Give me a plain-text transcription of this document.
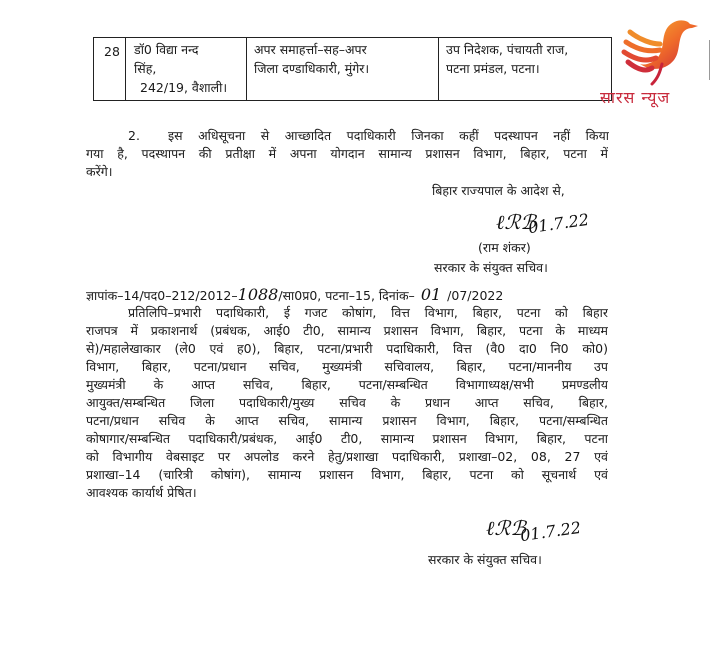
28 डॉ0 विद्या नन्द
सिंह,
242/19, वैशाली।
अपर समाहर्त्ता–सह–अपर
जिला दण्डाधिकारी, मुंगेर।
उप निदेशक, पंचायती राज,
पटना प्रमंडल, पटना।
सारस न्यूज
2. इस अधिसूचना से आच्छादित पदाधिकारी जिनका कहीं पदस्थापन नहीं किया
गया है, पदस्थापन की प्रतीक्षा में अपना योगदान सामान्य प्रशासन विभाग, बिहार, पटना में
करेंगे।
बिहार राज्यपाल के आदेश से,
ℓℛℬ
01.7.22
(राम शंकर)
सरकार के संयुक्त सचिव।
ज्ञापांक–14/पद0–212/2012–1088/सा0प्र0, पटना–15, दिनांक– 01 /07/2022
प्रतिलिपि–प्रभारी पदाधिकारी, ई गजट कोषांग, वित्त विभाग, बिहार, पटना को बिहार
राजपत्र में प्रकाशनार्थ (प्रबंधक, आई0 टी0, सामान्य प्रशासन विभाग, बिहार, पटना के माध्यम
से)/महालेखाकार (ले0 एवं ह0), बिहार, पटना/प्रभारी पदाधिकारी, वित्त (वै0 दा0 नि0 को0)
विभाग, बिहार, पटना/प्रधान सचिव, मुख्यमंत्री सचिवालय, बिहार, पटना/माननीय उप
मुख्यमंत्री के आप्त सचिव, बिहार, पटना/सम्बन्धित विभागाध्यक्ष/सभी प्रमण्डलीय
आयुक्त/सम्बन्धित जिला पदाधिकारी/मुख्य सचिव के प्रधान आप्त सचिव, बिहार,
पटना/प्रधान सचिव के आप्त सचिव, सामान्य प्रशासन विभाग, बिहार, पटना/सम्बन्धित
कोषागार/सम्बन्धित पदाधिकारी/प्रबंधक, आई0 टी0, सामान्य प्रशासन विभाग, बिहार, पटना
को विभागीय वेबसाइट पर अपलोड करने हेतु/प्रशाखा पदाधिकारी, प्रशाखा–02, 08, 27 एवं
प्रशाखा–14 (चारित्री कोषांग), सामान्य प्रशासन विभाग, बिहार, पटना को सूचनार्थ एवं
आवश्यक कार्यार्थ प्रेषित।
ℓℛℬ
01.7.22
सरकार के संयुक्त सचिव।
